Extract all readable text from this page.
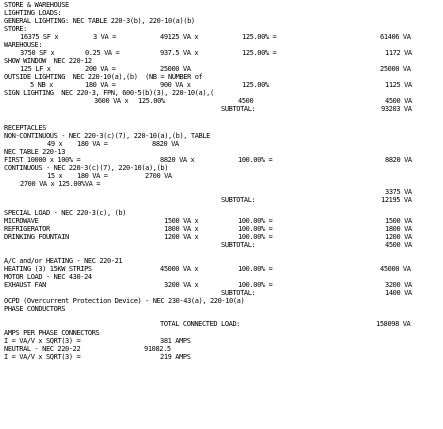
STORE & WAREHOUSE
LIGHTING LOADS:
GENERAL LIGHTING: NEC TABLE 220-3(b), 220-10(a)(b)
STORE:
16375 SF x	3 VA =	49125 VA x	125.00% =	61406 VA
WAREHOUSE:
3750 SF x	0.25 VA =	937.5 VA x	125.00% =	1172 VA
SHOW WINDOW  NEC 220-12
125 LF x	200 VA =	25000 VA	25000 VA
OUTSIDE LIGHTING  NEC 220-10(a),(b)  (NB = NUMBER of
5 NB x	180 VA =	900 VA x	125.00%	1125 VA
SIGN LIGHTING  NEC 220-3, FPN, 600-5(b)(3), 220-10(a),(
3600 VA x 125.00%	4500	4500 VA
SUBTOTAL:	93203 VA
RECEPTACLES
NON-CONTINUOUS - NEC 220-3(c)(7), 220-10(a),(b), TABLE
49 x 180 VA =	8820 VA
NEC TABLE 220-13
FIRST 10000 x 100% =	8820 VA x	100.00% =	8820 VA
CONTINUOUS - NEC 220-3(c)(7), 220-10(a),(b)
15 x 180 VA =	2700 VA
2700 VA x 125.00%VA =
3375 VA
SUBTOTAL:	12195 VA
SPECIAL LOAD - NEC 220-3(c), (b)
MICROWAVE	1500 VA x	100.00% =	1500 VA
REFRIGERATOR	1800 VA x	100.00% =	1800 VA
DRINKING FOUNTAIN	1200 VA x	100.00% =	1200 VA
SUBTOTAL:	4500 VA
A/C and/or HEATING - NEC 220-21
HEATING (3) 15KW STRIPS	45000 VA x	100.00% =	45000 VA
MOTOR LOAD - NEC 430-24
EXHAUST FAN	3200 VA x	100.00% =	3200 VA
SUBTOTAL:	1400 VA
OCPD (Overcurrent Protection Device) - NEC 230-43(a), 220-10(a)
PHASE CONDUCTORS
TOTAL CONNECTED LOAD:	158098 VA
AMPS PER PHASE CONNECTORS
I = VA/V x SQRT(3) =	381 AMPS
NEUTRAL - NEC 220-22	91082.5
I = VA/V x SQRT(3) =	219 AMPS
